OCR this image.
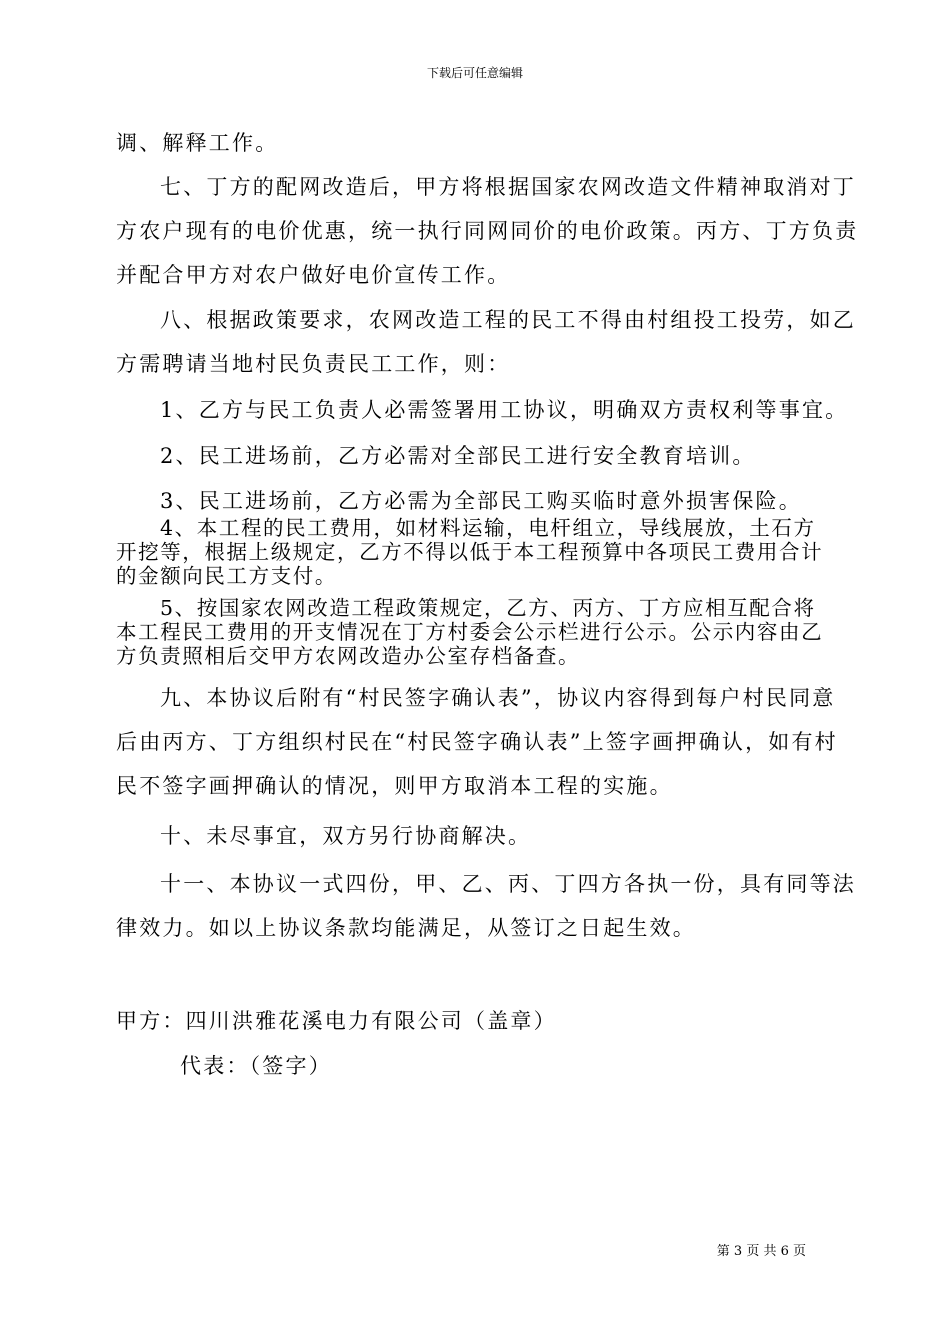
下载后可任意编辑
调、解释工作。
七、丁方的配网改造后，甲方将根据国家农网改造文件精神取消对丁
方农户现有的电价优惠，统一执行同网同价的电价政策。丙方、丁方负责
并配合甲方对农户做好电价宣传工作。
八、根据政策要求，农网改造工程的民工不得由村组投工投劳，如乙
方需聘请当地村民负责民工工作，则：
1、乙方与民工负责人必需签署用工协议，明确双方责权利等事宜。
2、民工进场前，乙方必需对全部民工进行安全教育培训。
3、民工进场前，乙方必需为全部民工购买临时意外损害保险。
4、本工程的民工费用，如材料运输，电杆组立，导线展放，土石方
开挖等，根据上级规定，乙方不得以低于本工程预算中各项民工费用合计
的金额向民工方支付。
5、按国家农网改造工程政策规定，乙方、丙方、丁方应相互配合将
本工程民工费用的开支情况在丁方村委会公示栏进行公示。公示内容由乙
方负责照相后交甲方农网改造办公室存档备查。
九、本协议后附有“村民签字确认表”，协议内容得到每户村民同意
后由丙方、丁方组织村民在“村民签字确认表”上签字画押确认，如有村
民不签字画押确认的情况，则甲方取消本工程的实施。
十、未尽事宜，双方另行协商解决。
十一、本协议一式四份，甲、乙、丙、丁四方各执一份，具有同等法
律效力。如以上协议条款均能满足，从签订之日起生效。
甲方：四川洪雅花溪电力有限公司（盖章）
代表：（签字）
第 3 页 共 6 页
